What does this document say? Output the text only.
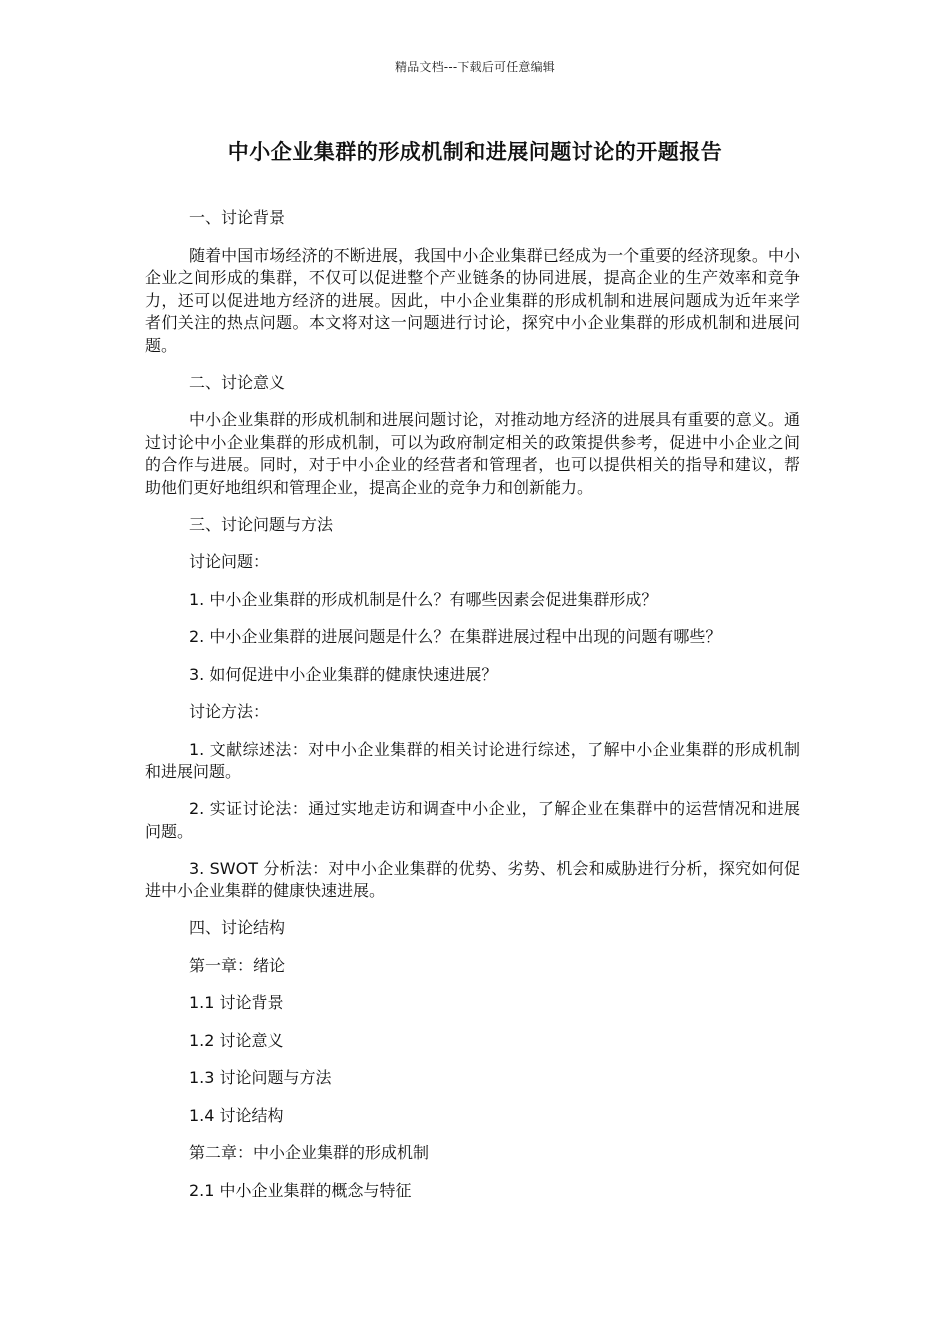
精品文档---下载后可任意编辑
中小企业集群的形成机制和进展问题讨论的开题报告

一、讨论背景

随着中国市场经济的不断进展，我国中小企业集群已经成为一个重要的经济现象。中小企业之间形成的集群，不仅可以促进整个产业链条的协同进展，提高企业的生产效率和竞争力，还可以促进地方经济的进展。因此，中小企业集群的形成机制和进展问题成为近年来学者们关注的热点问题。本文将对这一问题进行讨论，探究中小企业集群的形成机制和进展问题。

二、讨论意义

中小企业集群的形成机制和进展问题讨论，对推动地方经济的进展具有重要的意义。通过讨论中小企业集群的形成机制，可以为政府制定相关的政策提供参考，促进中小企业之间的合作与进展。同时，对于中小企业的经营者和管理者，也可以提供相关的指导和建议，帮助他们更好地组织和管理企业，提高企业的竞争力和创新能力。

三、讨论问题与方法

讨论问题：

1. 中小企业集群的形成机制是什么？有哪些因素会促进集群形成？

2. 中小企业集群的进展问题是什么？在集群进展过程中出现的问题有哪些？

3. 如何促进中小企业集群的健康快速进展？

讨论方法：

1. 文献综述法：对中小企业集群的相关讨论进行综述，了解中小企业集群的形成机制和进展问题。

2. 实证讨论法：通过实地走访和调查中小企业，了解企业在集群中的运营情况和进展问题。

3. SWOT 分析法：对中小企业集群的优势、劣势、机会和威胁进行分析，探究如何促进中小企业集群的健康快速进展。

四、讨论结构

第一章：绪论

1.1 讨论背景

1.2 讨论意义

1.3 讨论问题与方法

1.4 讨论结构

第二章：中小企业集群的形成机制

2.1 中小企业集群的概念与特征
